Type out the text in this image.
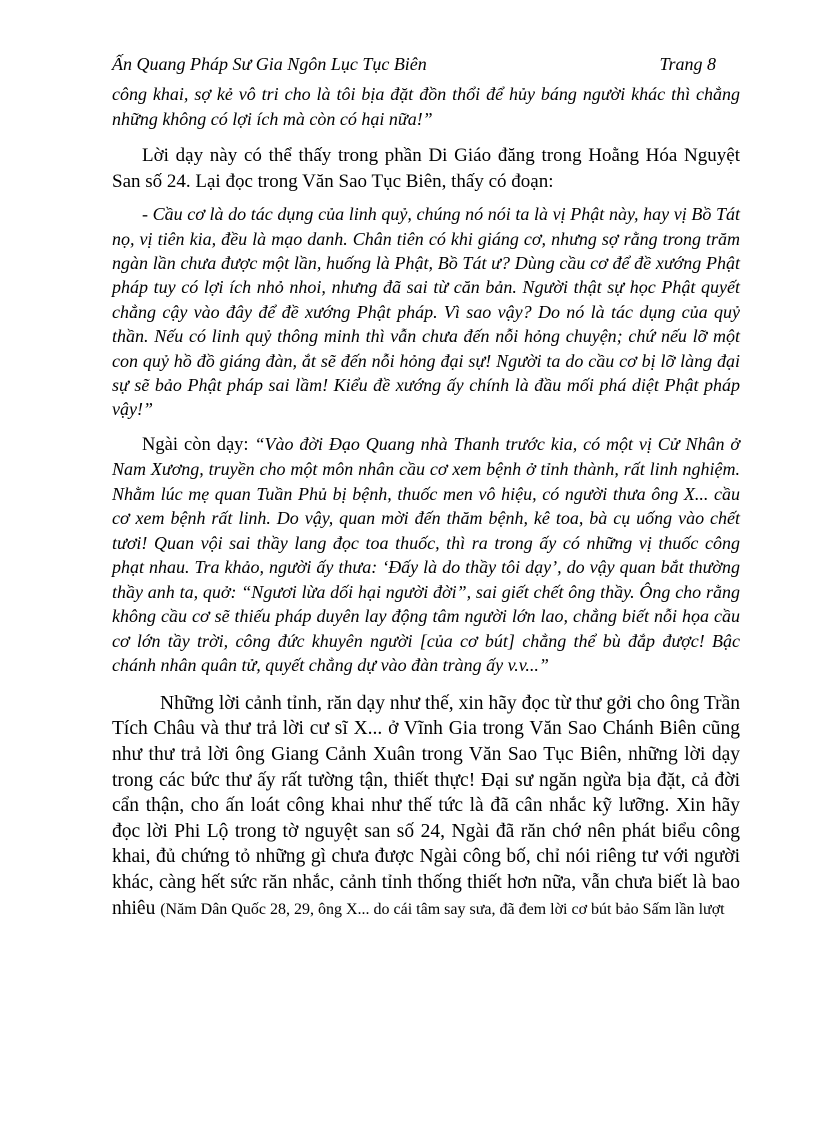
Ấn Quang Pháp Sư Gia Ngôn Lục Tục Biên	Trang 8

công khai, sợ kẻ vô tri cho là tôi bịa đặt đồn thổi để hủy báng người khác thì chẳng những không có lợi ích mà còn có hại nữa!”

Lời dạy này có thể thấy trong phần Di Giáo đăng trong Hoằng Hóa Nguyệt San số 24. Lại đọc trong Văn Sao Tục Biên, thấy có đoạn:

- Cầu cơ là do tác dụng của linh quỷ, chúng nó nói ta là vị Phật này, hay vị Bồ Tát nọ, vị tiên kia, đều là mạo danh. Chân tiên có khi giáng cơ, nhưng sợ rằng trong trăm ngàn lần chưa được một lần, huống là Phật, Bồ Tát ư? Dùng cầu cơ để đề xướng Phật pháp tuy có lợi ích nhỏ nhoi, nhưng đã sai từ căn bản. Người thật sự học Phật quyết chẳng cậy vào đây để đề xướng Phật pháp. Vì sao vậy? Do nó là tác dụng của quỷ thần. Nếu có linh quỷ thông minh thì vẫn chưa đến nỗi hỏng chuyện; chứ nếu lỡ một con quỷ hồ đồ giáng đàn, ắt sẽ đến nỗi hỏng đại sự! Người ta do cầu cơ bị lỡ làng đại sự sẽ bảo Phật pháp sai lầm! Kiểu đề xướng ấy chính là đầu mối phá diệt Phật pháp vậy!”

Ngài còn dạy: “Vào đời Đạo Quang nhà Thanh trước kia, có một vị Cử Nhân ở Nam Xương, truyền cho một môn nhân cầu cơ xem bệnh ở tỉnh thành, rất linh nghiệm. Nhằm lúc mẹ quan Tuần Phủ bị bệnh, thuốc men vô hiệu, có người thưa ông X... cầu cơ xem bệnh rất linh. Do vậy, quan mời đến thăm bệnh, kê toa, bà cụ uống vào chết tươi! Quan vội sai thầy lang đọc toa thuốc, thì ra trong ấy có những vị thuốc công phạt nhau. Tra khảo, người ấy thưa: ‘Đấy là do thầy tôi dạy’, do vậy quan bắt thường thầy anh ta, quở: “Ngươi lừa dối hại người đời”, sai giết chết ông thầy. Ông cho rằng không cầu cơ sẽ thiếu pháp duyên lay động tâm người lớn lao, chẳng biết nỗi họa cầu cơ lớn tầy trời, công đức khuyên người [của cơ bút] chẳng thể bù đắp được! Bậc chánh nhân quân tử, quyết chẳng dự vào đàn tràng ấy v.v...”

Những lời cảnh tỉnh, răn dạy như thế, xin hãy đọc từ thư gởi cho ông Trần Tích Châu và thư trả lời cư sĩ X... ở Vĩnh Gia trong Văn Sao Chánh Biên cũng như thư trả lời ông Giang Cảnh Xuân trong Văn Sao Tục Biên, những lời dạy trong các bức thư ấy rất tường tận, thiết thực! Đại sư ngăn ngừa bịa đặt, cả đời cẩn thận, cho ấn loát công khai như thế tức là đã cân nhắc kỹ lưỡng. Xin hãy đọc lời Phi Lộ trong tờ nguyệt san số 24, Ngài đã răn chớ nên phát biểu công khai, đủ chứng tỏ những gì chưa được Ngài công bố, chỉ nói riêng tư với người khác, càng hết sức răn nhắc, cảnh tỉnh thống thiết hơn nữa, vẫn chưa biết là bao nhiêu (Năm Dân Quốc 28, 29, ông X... do cái tâm say sưa, đã đem lời cơ bút bảo Sấm lần lượt
